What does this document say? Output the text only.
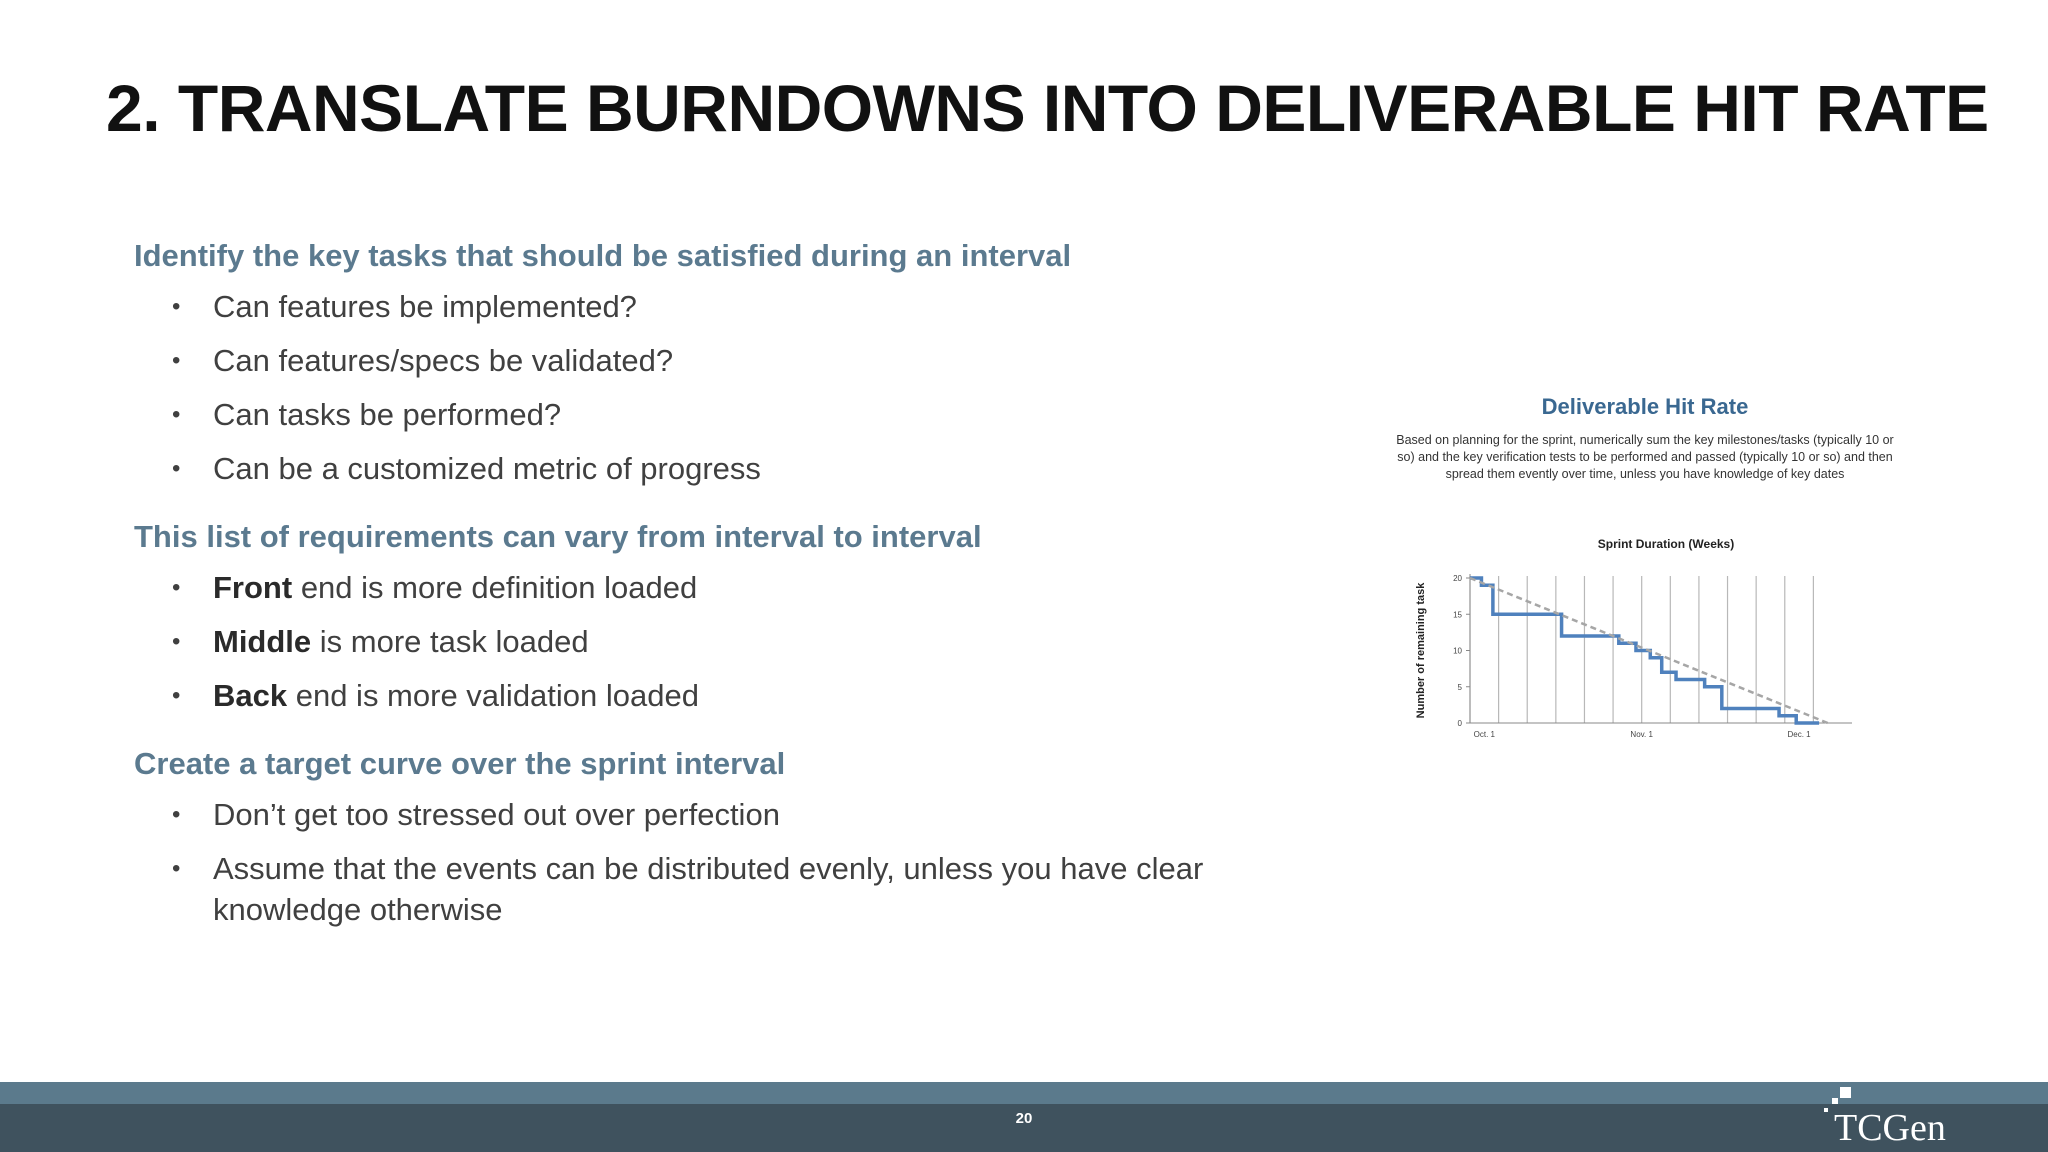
2. TRANSLATE BURNDOWNS INTO DELIVERABLE HIT RATE
Identify the key tasks that should be satisfied during an interval
• Can features be implemented?
• Can features/specs be validated?
• Can tasks be performed?
• Can be a customized metric of progress
This list of requirements can vary from interval to interval
• Front end is more definition loaded
• Middle is more task loaded
• Back end is more validation loaded
Create a target curve over the sprint interval
• Don’t get too stressed out over perfection
• Assume that the events can be distributed evenly, unless you have clear knowledge otherwise
Deliverable Hit Rate
Based on planning for the sprint, numerically sum the key milestones/tasks (typically 10 or so) and the key verification tests to be performed and passed (typically 10 or so) and then spread them evently over time, unless you have knowledge of key dates
Sprint Duration (Weeks)
0
5
10
15
20
Oct. 1	Nov. 1	Dec. 1
Number of remaining task
20	TCGen
